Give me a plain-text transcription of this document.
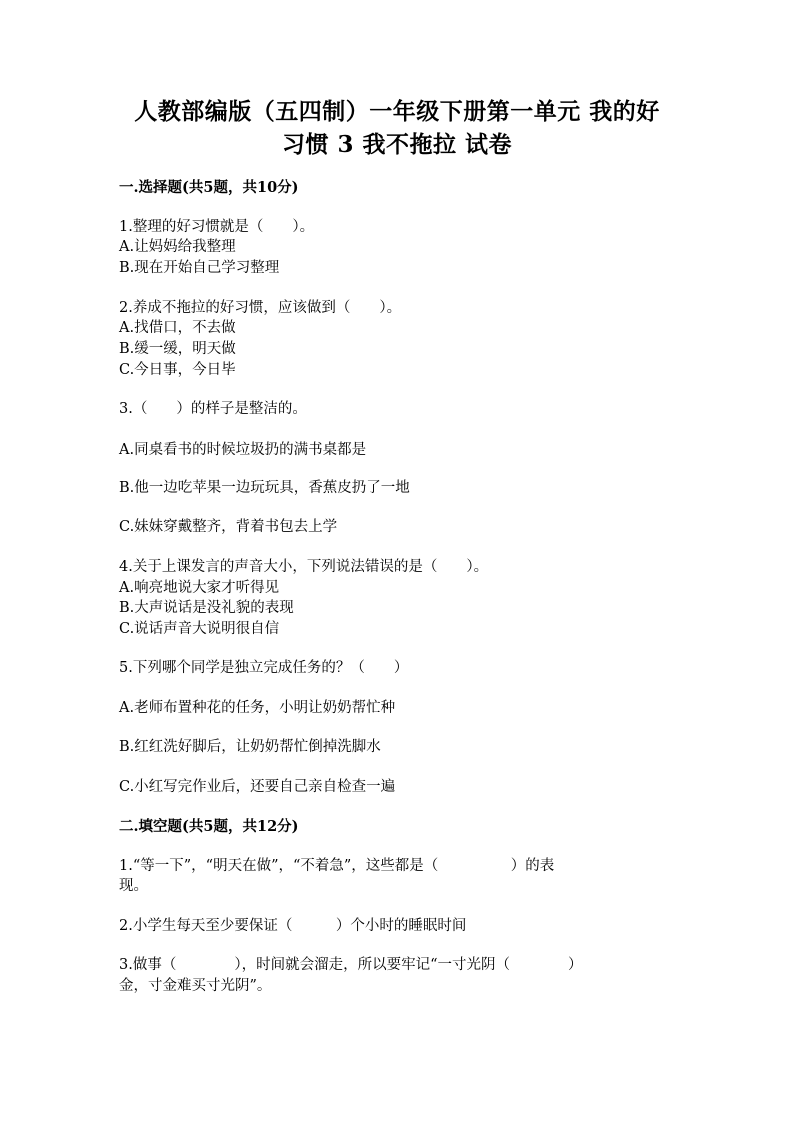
人教部编版（五四制）一年级下册第一单元 我的好
习惯 3 我不拖拉 试卷
一.选择题(共5题，共10分)
1.整理的好习惯就是（　　）。
A.让妈妈给我整理
B.现在开始自己学习整理
2.养成不拖拉的好习惯，应该做到（　　）。
A.找借口，不去做
B.缓一缓，明天做
C.今日事，今日毕
3.（　　）的样子是整洁的。
A.同桌看书的时候垃圾扔的满书桌都是
B.他一边吃苹果一边玩玩具，香蕉皮扔了一地
C.妹妹穿戴整齐，背着书包去上学
4.关于上课发言的声音大小，下列说法错误的是（　　）。
A.响亮地说大家才听得见
B.大声说话是没礼貌的表现
C.说话声音大说明很自信
5.下列哪个同学是独立完成任务的？（　　）
A.老师布置种花的任务，小明让奶奶帮忙种
B.红红洗好脚后，让奶奶帮忙倒掉洗脚水
C.小红写完作业后，还要自己亲自检查一遍
二.填空题(共5题，共12分)
1.“等一下”，“明天在做”，“不着急”，这些都是（　　　　　）的表
现。
2.小学生每天至少要保证（　　　）个小时的睡眠时间
3.做事（　　　　），时间就会溜走，所以要牢记“一寸光阴（　　　　）
金，寸金难买寸光阴”。
